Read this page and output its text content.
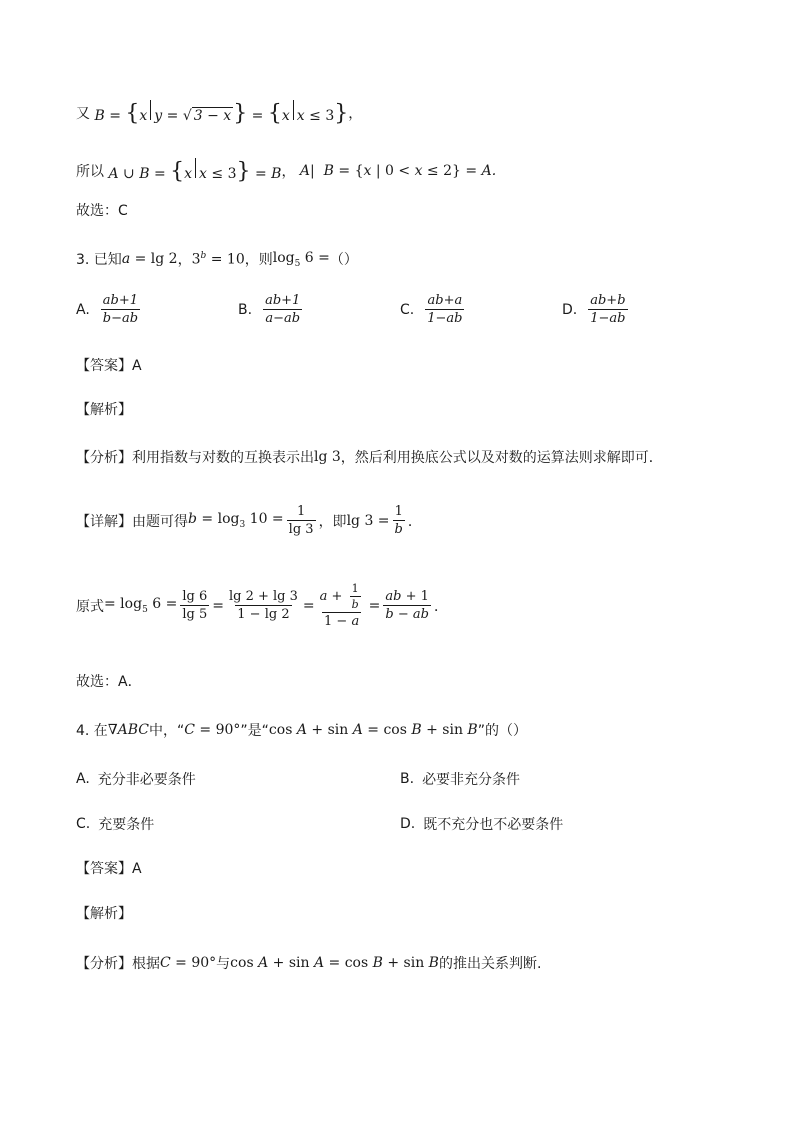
又 B = {x y = √ 3 − x} = {x x ≤ 3} ，
所以 A ∪ B = {x x ≤ 3} = B ， A|  B = {x | 0 < x ≤ 2} = A.
故选：C
3. 已知 a = lg 2 ， $3^b = 10$ ，则 $\log_5 6$ = （）
A. $\frac{ab+1}{b-ab}$	B. $\frac{ab+1}{a-ab}$	C. $\frac{ab+a}{1-ab}$	D. $\frac{ab+b}{1-ab}$
【答案】A
【解析】
【分析】利用指数与对数的互换表示出 lg 3 ，然后利用换底公式以及对数的运算法则求解即可．
【详解】由题可得 $b = \log_3 10 = \frac{1}{\lg 3}$ ，即 $\lg 3 = \frac{1}{b}$ ．
原式 = $\log_5 6 = \frac{\lg 6}{\lg 5} = \frac{\lg 2 + \lg 3}{1 - \lg 2} = \frac{a + \frac{1}{b}}{1 - a} = \frac{ab + 1}{b - ab}$ ．
故选：A．
4. 在 ∇ABC 中，“ C = 90° ”是“ cos A + sin A = cos B + sin B ”的（）
A. 充分非必要条件	B. 必要非充分条件
C. 充要条件	D. 既不充分也不必要条件
【答案】A
【解析】
【分析】根据 C = 90° 与 cos A + sin A = cos B + sin B 的推出关系判断.
